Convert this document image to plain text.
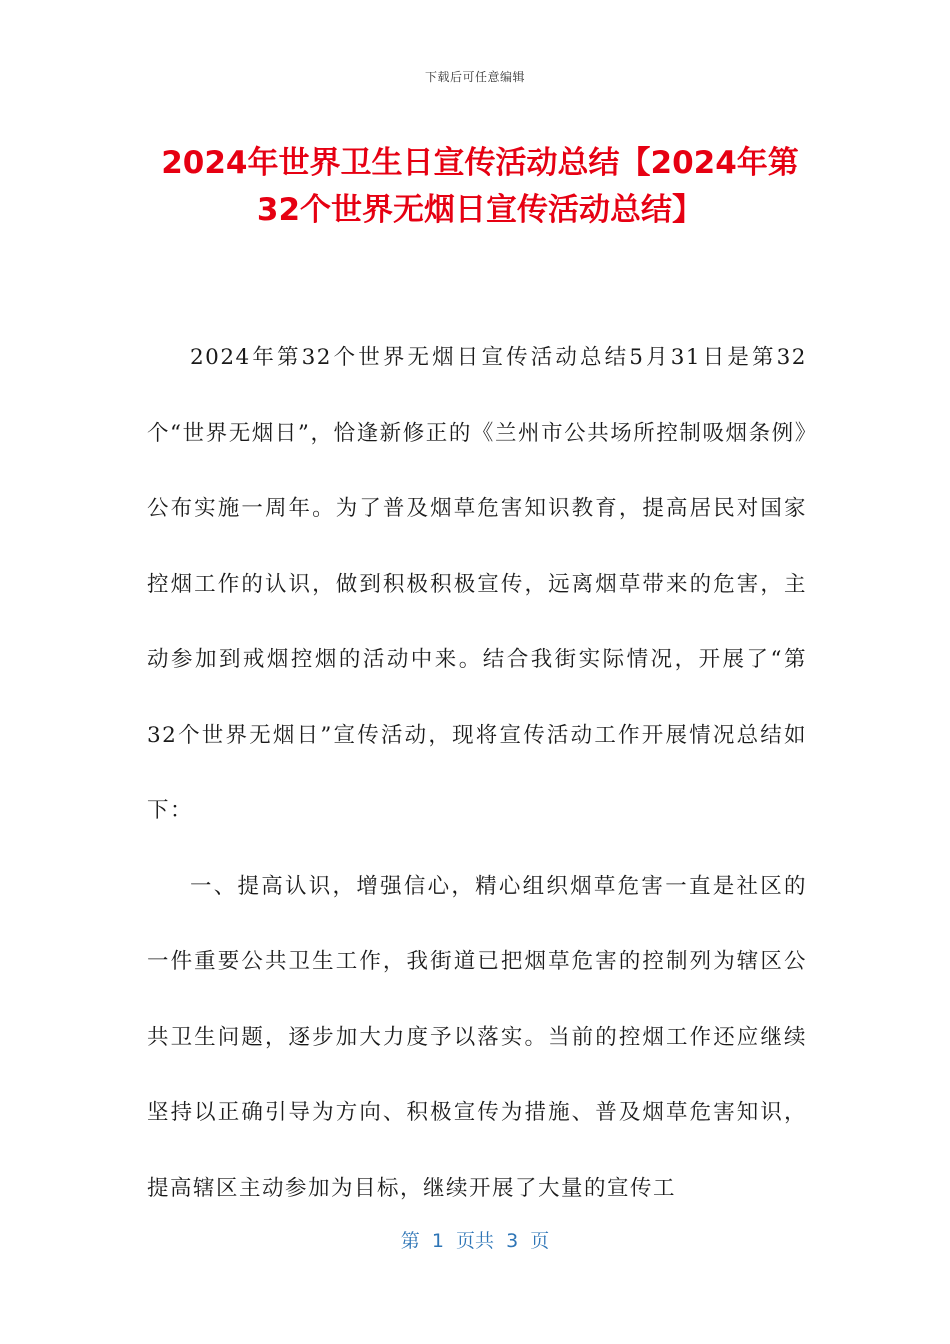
下载后可任意编辑
2024年世界卫生日宣传活动总结【2024年第32个世界无烟日宣传活动总结】

2024年第32个世界无烟日宣传活动总结5月31日是第32个“世界无烟日”，恰逢新修正的《兰州市公共场所控制吸烟条例》公布实施一周年。为了普及烟草危害知识教育，提高居民对国家控烟工作的认识，做到积极积极宣传，远离烟草带来的危害，主动参加到戒烟控烟的活动中来。结合我街实际情况，开展了“第32个世界无烟日”宣传活动，现将宣传活动工作开展情况总结如下：

一、提高认识，增强信心，精心组织烟草危害一直是社区的一件重要公共卫生工作，我街道已把烟草危害的控制列为辖区公共卫生问题，逐步加大力度予以落实。当前的控烟工作还应继续坚持以正确引导为方向、积极宣传为措施、普及烟草危害知识，提高辖区主动参加为目标，继续开展了大量的宣传工

第  1  页共  3  页
